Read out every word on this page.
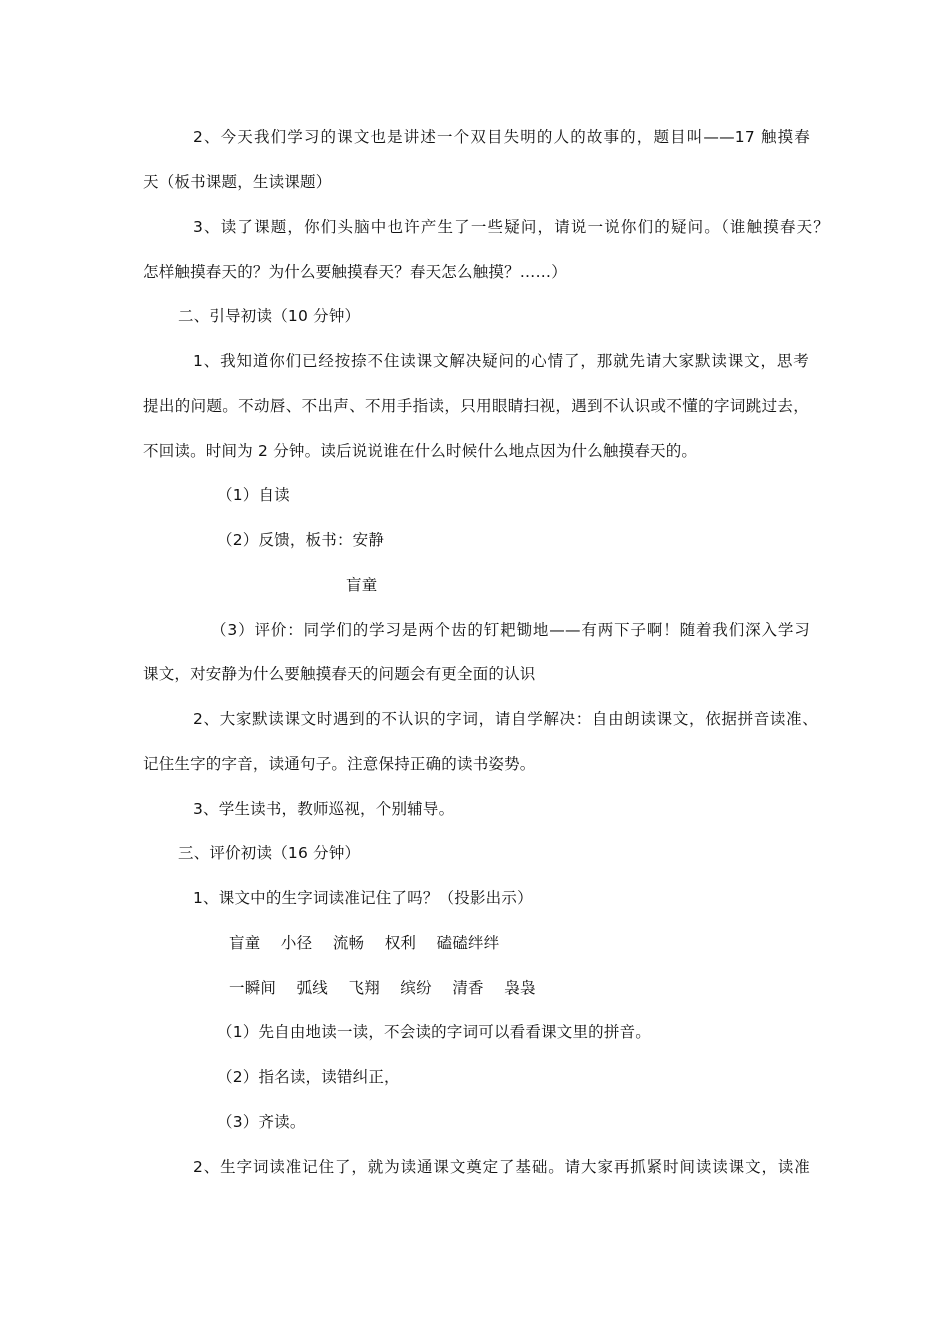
2、今天我们学习的课文也是讲述一个双目失明的人的故事的，题目叫——17 触摸春
天（板书课题，生读课题）
3、读了课题，你们头脑中也许产生了一些疑问，请说一说你们的疑问。（谁触摸春天？
怎样触摸春天的？为什么要触摸春天？春天怎么触摸？……）
二、引导初读（10 分钟）
1、我知道你们已经按捺不住读课文解决疑问的心情了，那就先请大家默读课文，思考
提出的问题。不动唇、不出声、不用手指读，只用眼睛扫视，遇到不认识或不懂的字词跳过去，
不回读。时间为 2 分钟。读后说说谁在什么时候什么地点因为什么触摸春天的。
（1）自读
（2）反馈，板书：安静
盲童
（3）评价：同学们的学习是两个齿的钉耙锄地——有两下子啊！随着我们深入学习
课文，对安静为什么要触摸春天的问题会有更全面的认识
2、大家默读课文时遇到的不认识的字词，请自学解决：自由朗读课文，依据拼音读准、
记住生字的字音，读通句子。注意保持正确的读书姿势。
3、学生读书，教师巡视，个别辅导。
三、评价初读（16 分钟）
1、课文中的生字词读准记住了吗？（投影出示）
盲童    小径    流畅    权利    磕磕绊绊
一瞬间    弧线    飞翔    缤纷    清香    袅袅
（1）先自由地读一读，不会读的字词可以看看课文里的拼音。
（2）指名读，读错纠正，
（3）齐读。
2、生字词读准记住了，就为读通课文奠定了基础。请大家再抓紧时间读读课文，读准
